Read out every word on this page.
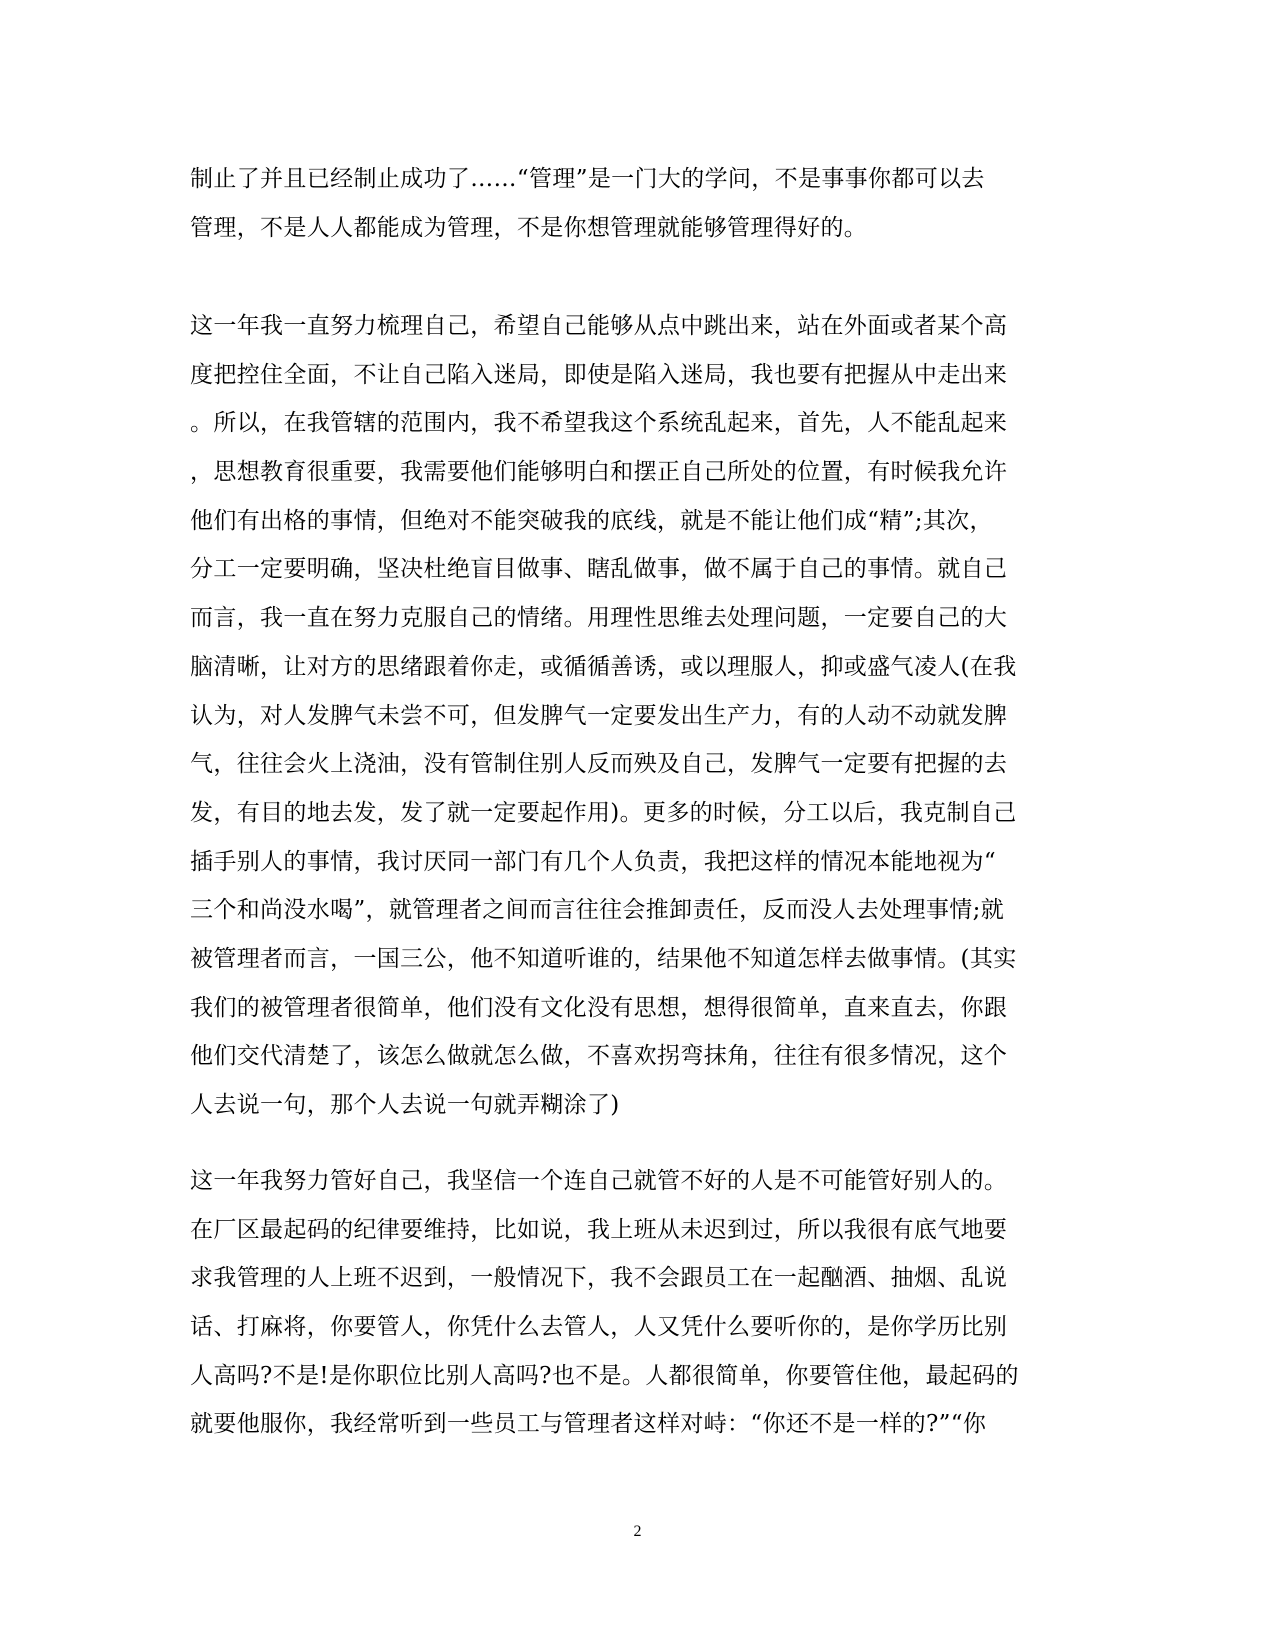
制止了并且已经制止成功了……“管理”是一门大的学问，不是事事你都可以去
管理，不是人人都能成为管理，不是你想管理就能够管理得好的。
这一年我一直努力梳理自己，希望自己能够从点中跳出来，站在外面或者某个高
度把控住全面，不让自己陷入迷局，即使是陷入迷局，我也要有把握从中走出来
。所以，在我管辖的范围内，我不希望我这个系统乱起来，首先，人不能乱起来
，思想教育很重要，我需要他们能够明白和摆正自己所处的位置，有时候我允许
他们有出格的事情，但绝对不能突破我的底线，就是不能让他们成“精”;其次，
分工一定要明确，坚决杜绝盲目做事、瞎乱做事，做不属于自己的事情。就自己
而言，我一直在努力克服自己的情绪。用理性思维去处理问题，一定要自己的大
脑清晰，让对方的思绪跟着你走，或循循善诱，或以理服人，抑或盛气凌人(在我
认为，对人发脾气未尝不可，但发脾气一定要发出生产力，有的人动不动就发脾
气，往往会火上浇油，没有管制住别人反而殃及自己，发脾气一定要有把握的去
发，有目的地去发，发了就一定要起作用)。更多的时候，分工以后，我克制自己
插手别人的事情，我讨厌同一部门有几个人负责，我把这样的情况本能地视为“
三个和尚没水喝”，就管理者之间而言往往会推卸责任，反而没人去处理事情;就
被管理者而言，一国三公，他不知道听谁的，结果他不知道怎样去做事情。(其实
我们的被管理者很简单，他们没有文化没有思想，想得很简单，直来直去，你跟
他们交代清楚了，该怎么做就怎么做，不喜欢拐弯抹角，往往有很多情况，这个
人去说一句，那个人去说一句就弄糊涂了)
这一年我努力管好自己，我坚信一个连自己就管不好的人是不可能管好别人的。
在厂区最起码的纪律要维持，比如说，我上班从未迟到过，所以我很有底气地要
求我管理的人上班不迟到，一般情况下，我不会跟员工在一起酗酒、抽烟、乱说
话、打麻将，你要管人，你凭什么去管人，人又凭什么要听你的，是你学历比别
人高吗?不是!是你职位比别人高吗?也不是。人都很简单，你要管住他，最起码的
就要他服你，我经常听到一些员工与管理者这样对峙：“你还不是一样的?”“你
2
